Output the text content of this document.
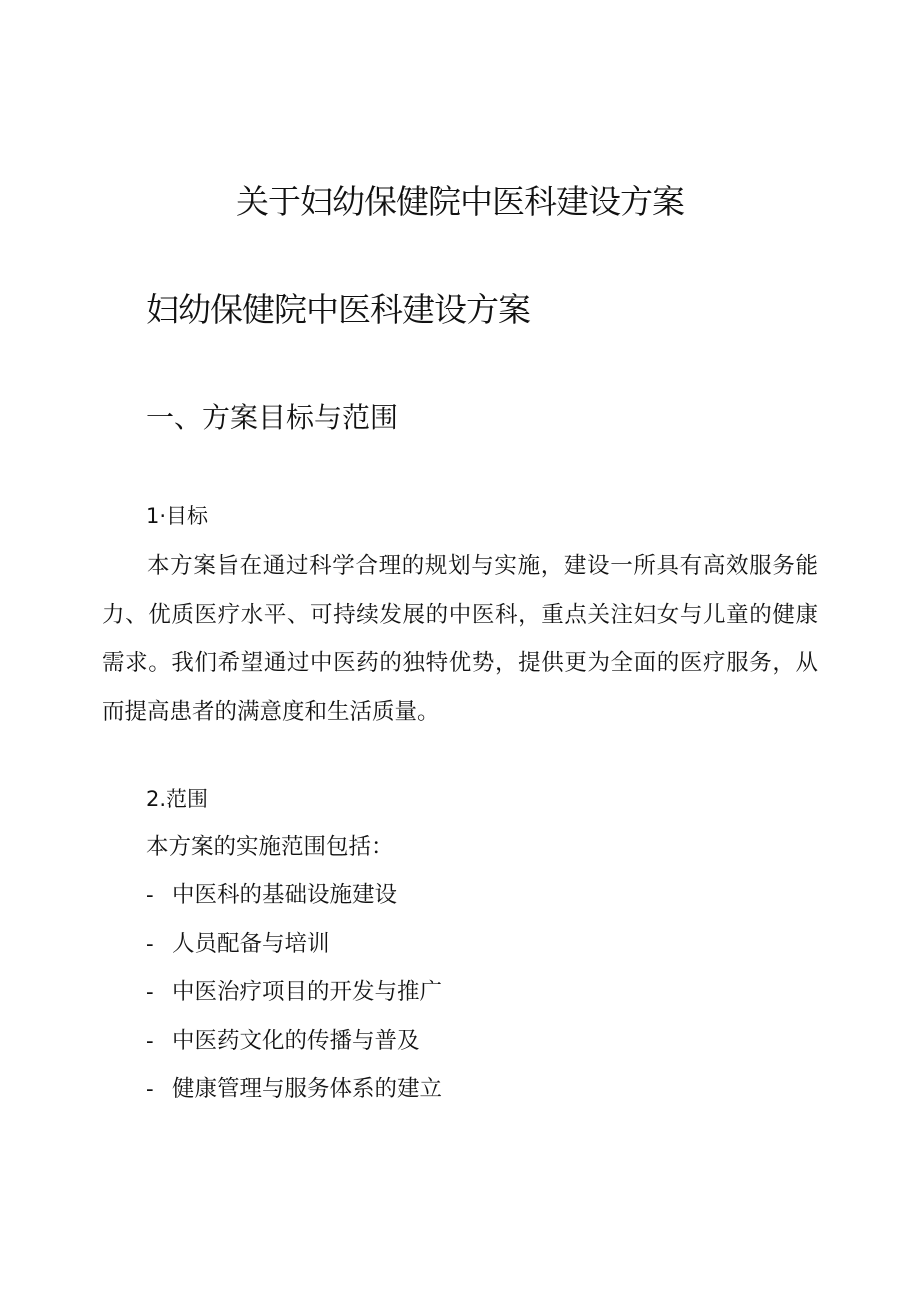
关于妇幼保健院中医科建设方案
妇幼保健院中医科建设方案
一、方案目标与范围
1·目标

本方案旨在通过科学合理的规划与实施，建设一所具有高效服务能力、优质医疗水平、可持续发展的中医科，重点关注妇女与儿童的健康需求。我们希望通过中医药的独特优势，提供更为全面的医疗服务，从而提高患者的满意度和生活质量。

2.范围

本方案的实施范围包括：

- 中医科的基础设施建设
- 人员配备与培训
- 中医治疗项目的开发与推广
- 中医药文化的传播与普及
- 健康管理与服务体系的建立
